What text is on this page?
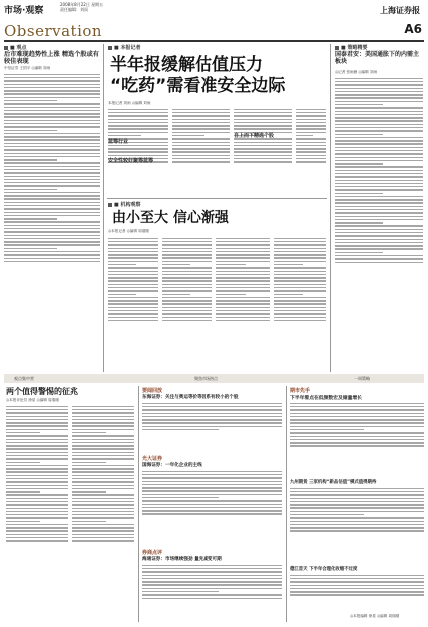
市场·观察
2008年8月22日 星期五
责任编辑：刘雨	上海证券报
Observation	A6
■ 观点
后市难现趋势性上涨 精选个股或有较佳表现
中信证券 王国平 ◎编辑 刘雨
■ 本报记者
半年报缓解估值压力
“吃药”需看准安全边际
本报记者 刘雨 ◎编辑 刘雨
蓝筹行业
安全性较好聚筹蓝筹
自上而下精选个股
■ 策略精要
国泰君安：美国通胀下的内需主板块
◎记者 张雨薇 ◎编辑 刘雨
■ 机构观察
由小至大 信心渐强
◎本报记者 ◎编辑 周瑞刚
观点集中营	聚焦市场热点	一周策略
两个值得警惕的征兆
◎本报评论员 徐星 ◎编辑 周瑞刚
要闻回放
东海证券：关注与奥运等价等因系有较小的个股
光大证券
国海证券：一年化企业的主线
券商点评
海通证券：市场继续强劲 量先减变可期
期市先手
下半年看点在低频数宏及储量增长
九州期货 三家机构“新品估值”模式值得期待
德江首天 下半年合理化收缩不过度
◎本报编辑 徐星 ◎编辑 周瑞刚
